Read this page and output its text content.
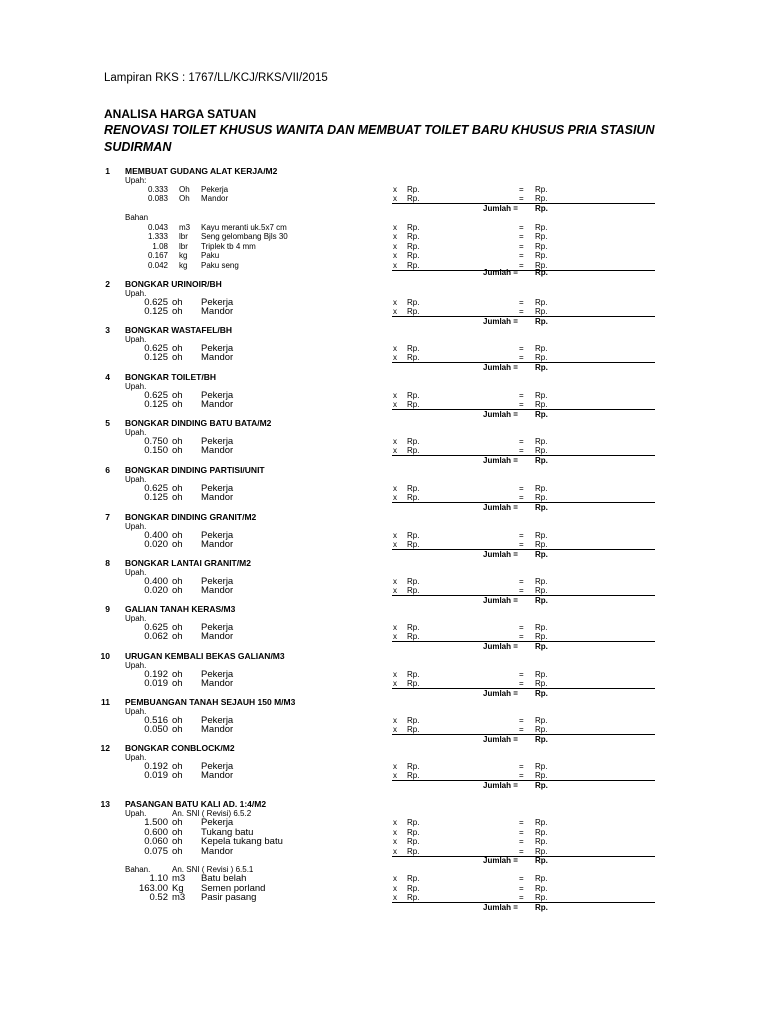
Lampiran RKS : 1767/LL/KCJ/RKS/VII/2015
ANALISA HARGA SATUAN
RENOVASI TOILET KHUSUS WANITA DAN MEMBUAT TOILET BARU KHUSUS PRIA STASIUN
SUDIRMAN
1 MEMBUAT GUDANG ALAT KERJA/M2
Upah:
0.333 Oh Pekerja	x Rp.	= Rp.
0.083 Oh Mandor	x Rp.	= Rp.
Jumlah = Rp.
Bahan
0.043 m3 Kayu meranti uk.5x7 cm	x Rp.	= Rp.
1.333 lbr Seng gelombang Bjls 30	x Rp.	= Rp.
1.08 lbr Triplek tb 4 mm	x Rp.	= Rp.
0.167 kg Paku	x Rp.	= Rp.
0.042 kg Paku seng	x Rp.	= Rp.
Jumlah = Rp.
2 BONGKAR URINOIR/BH
Upah.
0.625 oh Pekerja	x Rp.	= Rp.
0.125 oh Mandor	x Rp.	= Rp.
Jumlah = Rp.
3 BONGKAR WASTAFEL/BH
Upah.
0.625 oh Pekerja	x Rp.	= Rp.
0.125 oh Mandor	x Rp.	= Rp.
Jumlah = Rp.
4 BONGKAR TOILET/BH
Upah.
0.625 oh Pekerja	x Rp.	= Rp.
0.125 oh Mandor	x Rp.	= Rp.
Jumlah = Rp.
5 BONGKAR DINDING BATU BATA/M2
Upah.
0.750 oh Pekerja	x Rp.	= Rp.
0.150 oh Mandor	x Rp.	= Rp.
Jumlah = Rp.
6 BONGKAR DINDING PARTISI/UNIT
Upah.
0.625 oh Pekerja	x Rp.	= Rp.
0.125 oh Mandor	x Rp.	= Rp.
Jumlah = Rp.
7 BONGKAR DINDING GRANIT/M2
Upah.
0.400 oh Pekerja	x Rp.	= Rp.
0.020 oh Mandor	x Rp.	= Rp.
Jumlah = Rp.
8 BONGKAR LANTAI GRANIT/M2
Upah.
0.400 oh Pekerja	x Rp.	= Rp.
0.020 oh Mandor	x Rp.	= Rp.
Jumlah = Rp.
9 GALIAN TANAH KERAS/M3
Upah.
0.625 oh Pekerja	x Rp.	= Rp.
0.062 oh Mandor	x Rp.	= Rp.
Jumlah = Rp.
10 URUGAN KEMBALI BEKAS GALIAN/M3
Upah.
0.192 oh Pekerja	x Rp.	= Rp.
0.019 oh Mandor	x Rp.	= Rp.
Jumlah = Rp.
11 PEMBUANGAN TANAH SEJAUH 150 M/M3
Upah.
0.516 oh Pekerja	x Rp.	= Rp.
0.050 oh Mandor	x Rp.	= Rp.
Jumlah = Rp.
12 BONGKAR CONBLOCK/M2
Upah.
0.192 oh Pekerja	x Rp.	= Rp.
0.019 oh Mandor	x Rp.	= Rp.
Jumlah = Rp.
13 PASANGAN BATU KALI AD. 1:4/M2
Upah.	An. SNI ( Revisi) 6.5.2
1.500 oh Pekerja	x Rp.	= Rp.
0.600 oh Tukang batu	x Rp.	= Rp.
0.060 oh Kepela tukang batu	x Rp.	= Rp.
0.075 oh Mandor	x Rp.	= Rp.
Jumlah = Rp.
Bahan.	An. SNI ( Revisi ) 6.5.1
1.10 m3 Batu belah	x Rp.	= Rp.
163.00 Kg Semen porland	x Rp.	= Rp.
0.52 m3 Pasir pasang	x Rp.	= Rp.
Jumlah = Rp.
